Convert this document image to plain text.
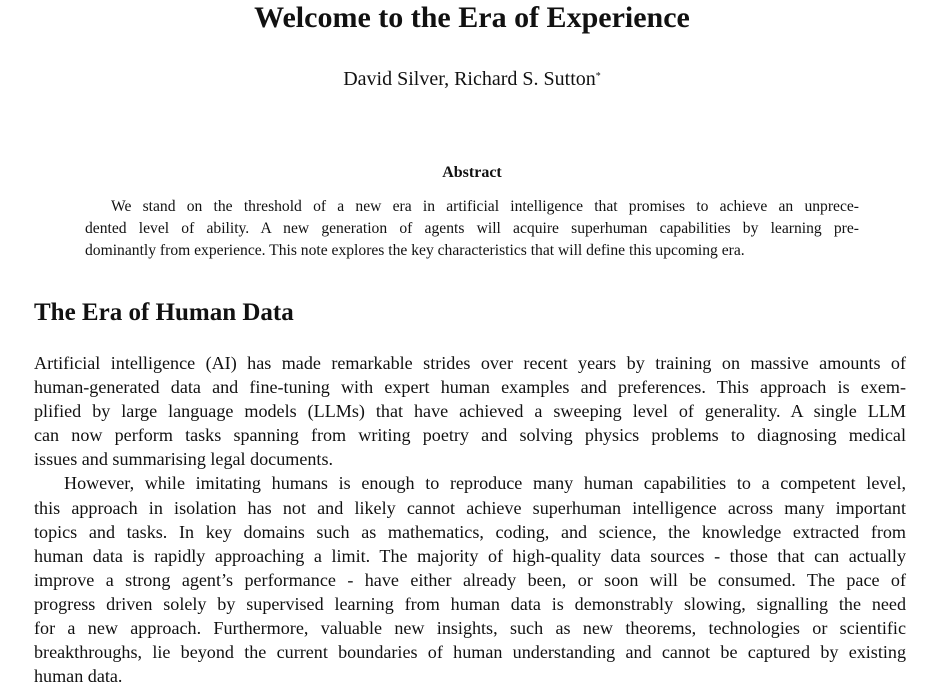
Welcome to the Era of Experience
David Silver, Richard S. Sutton*
Abstract
We stand on the threshold of a new era in artificial intelligence that promises to achieve an unprece-
dented level of ability. A new generation of agents will acquire superhuman capabilities by learning pre-
dominantly from experience. This note explores the key characteristics that will define this upcoming era.
The Era of Human Data
Artificial intelligence (AI) has made remarkable strides over recent years by training on massive amounts of
human-generated data and fine-tuning with expert human examples and preferences. This approach is exem-
plified by large language models (LLMs) that have achieved a sweeping level of generality. A single LLM
can now perform tasks spanning from writing poetry and solving physics problems to diagnosing medical
issues and summarising legal documents.
However, while imitating humans is enough to reproduce many human capabilities to a competent level,
this approach in isolation has not and likely cannot achieve superhuman intelligence across many important
topics and tasks. In key domains such as mathematics, coding, and science, the knowledge extracted from
human data is rapidly approaching a limit. The majority of high-quality data sources - those that can actually
improve a strong agent’s performance - have either already been, or soon will be consumed. The pace of
progress driven solely by supervised learning from human data is demonstrably slowing, signalling the need
for a new approach. Furthermore, valuable new insights, such as new theorems, technologies or scientific
breakthroughs, lie beyond the current boundaries of human understanding and cannot be captured by existing
human data.
